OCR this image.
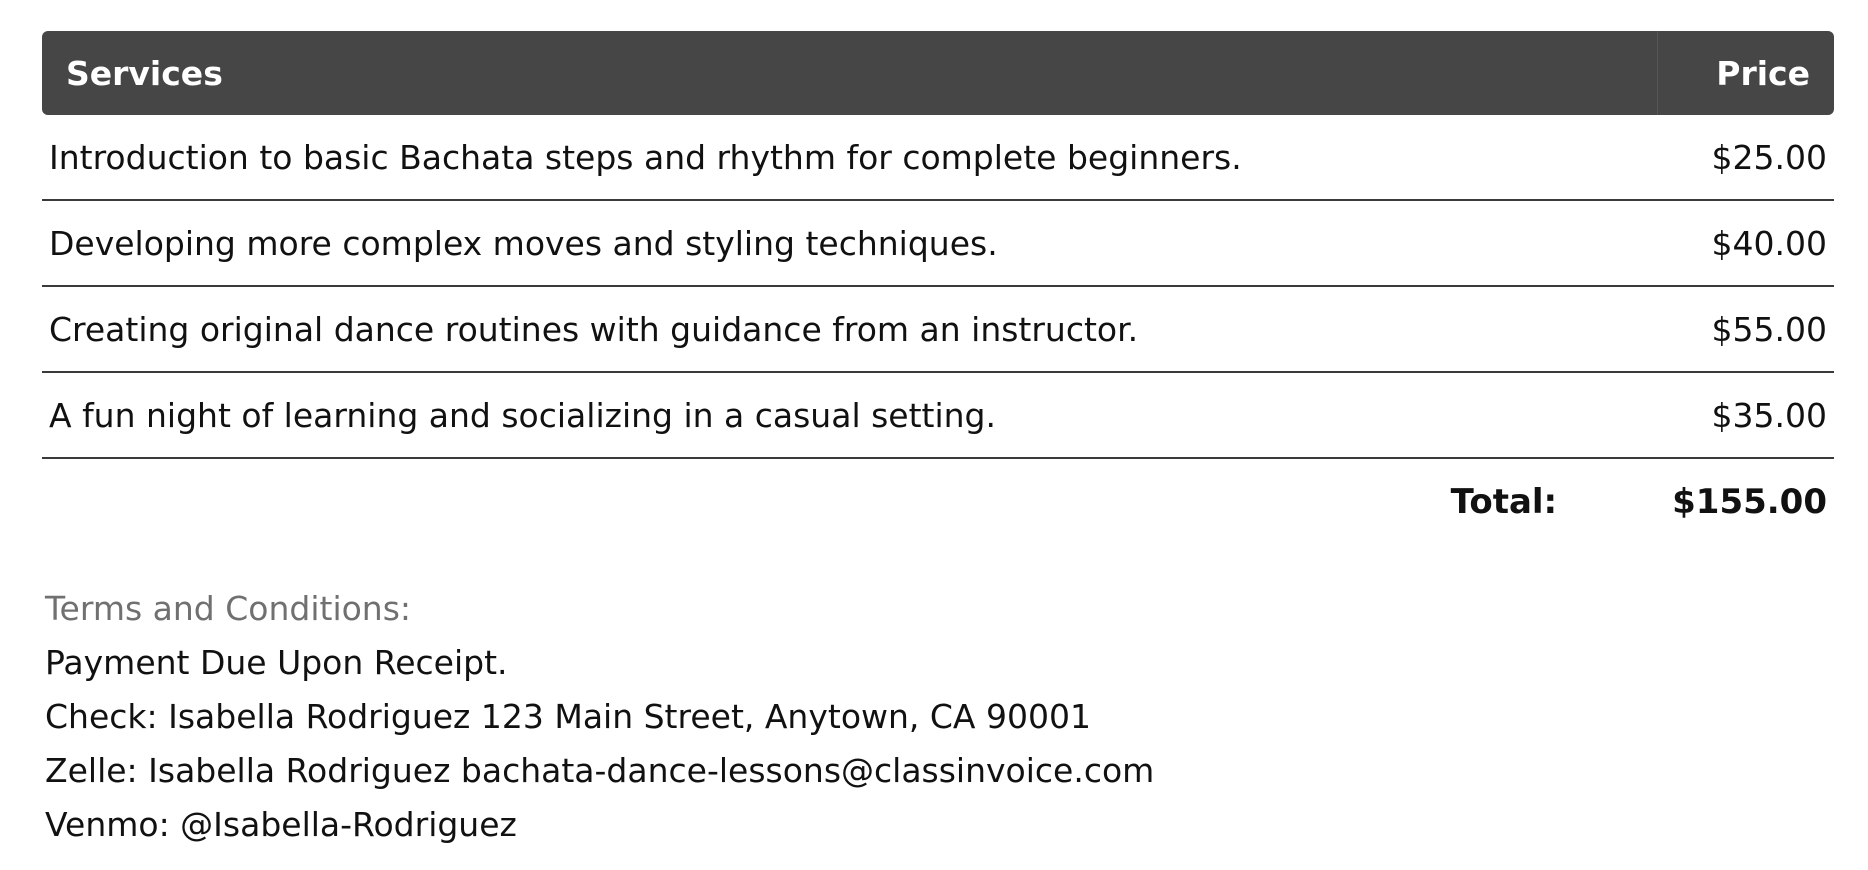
Services	Price
Introduction to basic Bachata steps and rhythm for complete beginners.	$25.00
Developing more complex moves and styling techniques.	$40.00
Creating original dance routines with guidance from an instructor.	$55.00
A fun night of learning and socializing in a casual setting.	$35.00
Total:	$155.00
Terms and Conditions:
Payment Due Upon Receipt.
Check: Isabella Rodriguez 123 Main Street, Anytown, CA 90001
Zelle: Isabella Rodriguez bachata-dance-lessons@classinvoice.com
Venmo: @Isabella-Rodriguez
